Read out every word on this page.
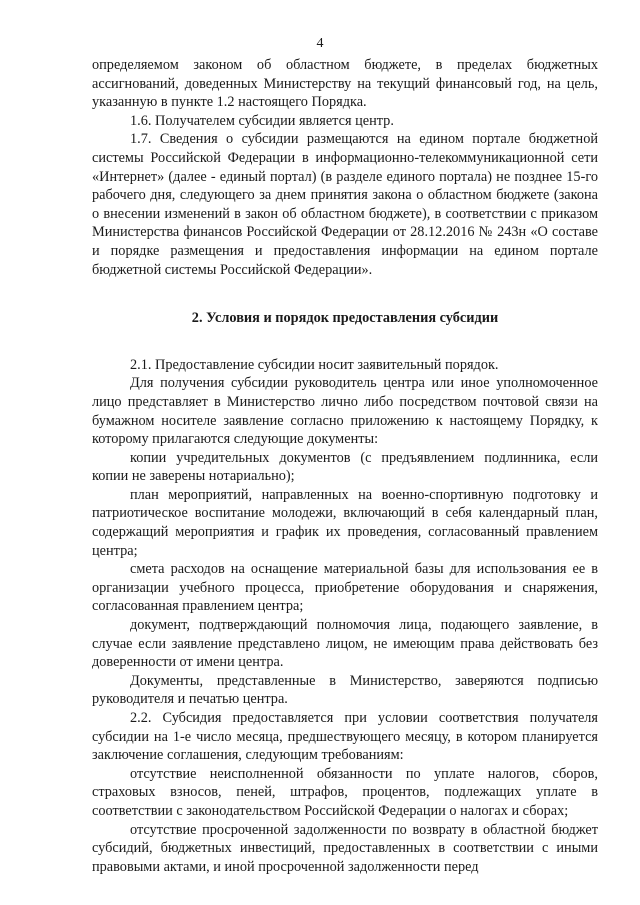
4

определяемом законом об областном бюджете, в пределах бюджетных ассигнований, доведенных Министерству на текущий финансовый год, на цель, указанную в пункте 1.2 настоящего Порядка.

1.6. Получателем субсидии является центр.

1.7. Сведения о субсидии размещаются на едином портале бюджетной системы Российской Федерации в информационно-телекоммуникационной сети «Интернет» (далее - единый портал) (в разделе единого портала) не позднее 15-го рабочего дня, следующего за днем принятия закона о областном бюджете (закона о внесении изменений в закон об областном бюджете), в соответствии с приказом Министерства финансов Российской Федерации от 28.12.2016 № 243н «О составе и порядке размещения и предоставления информации на едином портале бюджетной системы Российской Федерации».

2. Условия и порядок предоставления субсидии

2.1. Предоставление субсидии носит заявительный порядок.

Для получения субсидии руководитель центра или иное уполномоченное лицо представляет в Министерство лично либо посредством почтовой связи на бумажном носителе заявление согласно приложению к настоящему Порядку, к которому прилагаются следующие документы:

копии учредительных документов (с предъявлением подлинника, если копии не заверены нотариально);

план мероприятий, направленных на военно-спортивную подготовку и патриотическое воспитание молодежи, включающий в себя календарный план, содержащий мероприятия и график их проведения, согласованный правлением центра;

смета расходов на оснащение материальной базы для использования ее в организации учебного процесса, приобретение оборудования и снаряжения, согласованная правлением центра;

документ, подтверждающий полномочия лица, подающего заявление, в случае если заявление представлено лицом, не имеющим права действовать без доверенности от имени центра.

Документы, представленные в Министерство, заверяются подписью руководителя и печатью центра.

2.2. Субсидия предоставляется при условии соответствия получателя субсидии на 1-е число месяца, предшествующего месяцу, в котором планируется заключение соглашения, следующим требованиям:

отсутствие неисполненной обязанности по уплате налогов, сборов, страховых взносов, пеней, штрафов, процентов, подлежащих уплате в соответствии с законодательством Российской Федерации о налогах и сборах;

отсутствие просроченной задолженности по возврату в областной бюджет субсидий, бюджетных инвестиций, предоставленных в соответствии с иными правовыми актами, и иной просроченной задолженности перед
